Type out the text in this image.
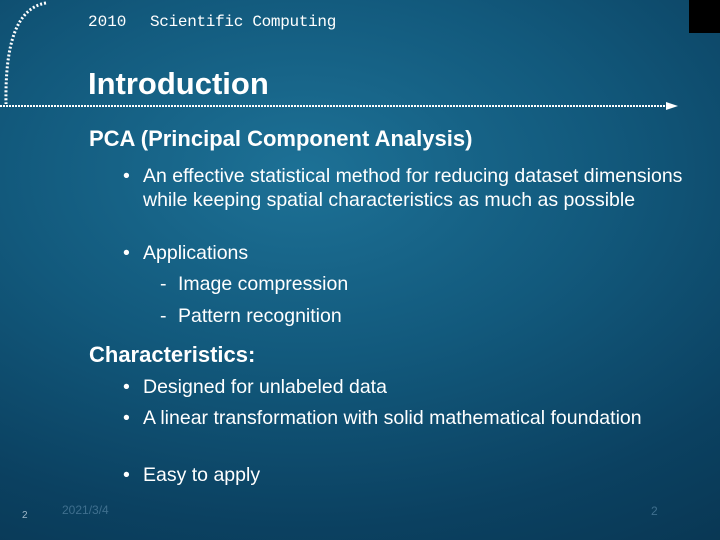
2010 Scientific Computing
Introduction
PCA (Principal Component Analysis)
• An effective statistical method for reducing dataset dimensions while keeping spatial characteristics as much as possible
• Applications
- Image compression
- Pattern recognition
Characteristics:
• Designed for unlabeled data
• A linear transformation with solid mathematical foundation
• Easy to apply
2	2021/3/4	2
